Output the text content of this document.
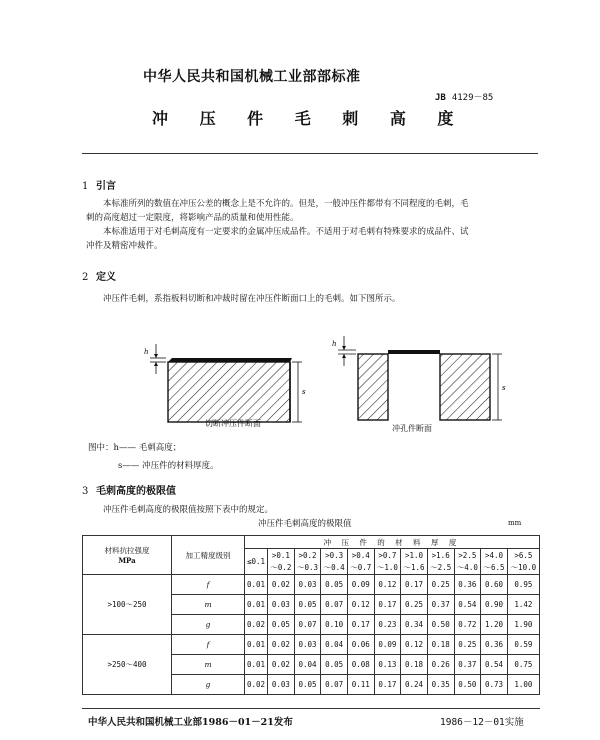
中华人民共和国机械工业部部标准
JB 4129－85
冲 压 件 毛 刺 高 度
1 引言
本标准所列的数值在冲压公差的概念上是不允许的。但是，一般冲压件都带有不同程度的毛刺，毛
刺的高度超过一定限度，将影响产品的质量和使用性能。
本标准适用于对毛刺高度有一定要求的金属冲压成品件。不适用于对毛刺有特殊要求的成品件、试
冲件及精密冲裁件。
2 定义
冲压件毛刺，系指板料切断和冲裁时留在冲压件断面口上的毛刺。如下图所示。
h
s
h
s
切断冲压件断面
冲孔件断面
图中：h—— 毛刺高度；
s—— 冲压件的材料厚度。
3 毛刺高度的极限值
冲压件毛刺高度的极限值按照下表中的规定。
冲压件毛刺高度的极限值	mm
材料抗拉强度
MPa	加工精度级别	冲 压 件 的 材 料 厚 度										
		≤0.1	>0.1	>0.2	>0.3	>0.4	>0.7	>1.0	>1.6	>2.5	>4.0	>6.5
			～0.2	～0.3	～0.4	～0.7	～1.0	～1.6	～2.5	～4.0	～6.5	～10.0
>100～250	f	0.01	0.02	0.03	0.05	0.09	0.12	0.17	0.25	0.36	0.60	0.95
	m	0.01	0.03	0.05	0.07	0.12	0.17	0.25	0.37	0.54	0.90	1.42
	g	0.02	0.05	0.07	0.10	0.17	0.23	0.34	0.50	0.72	1.20	1.90
>250～400	f	0.01	0.02	0.03	0.04	0.06	0.09	0.12	0.18	0.25	0.36	0.59
	m	0.01	0.02	0.04	0.05	0.08	0.13	0.18	0.26	0.37	0.54	0.75
	g	0.02	0.03	0.05	0.07	0.11	0.17	0.24	0.35	0.50	0.73	1.00
中华人民共和国机械工业部1986－01－21发布	1986－12－01实施
